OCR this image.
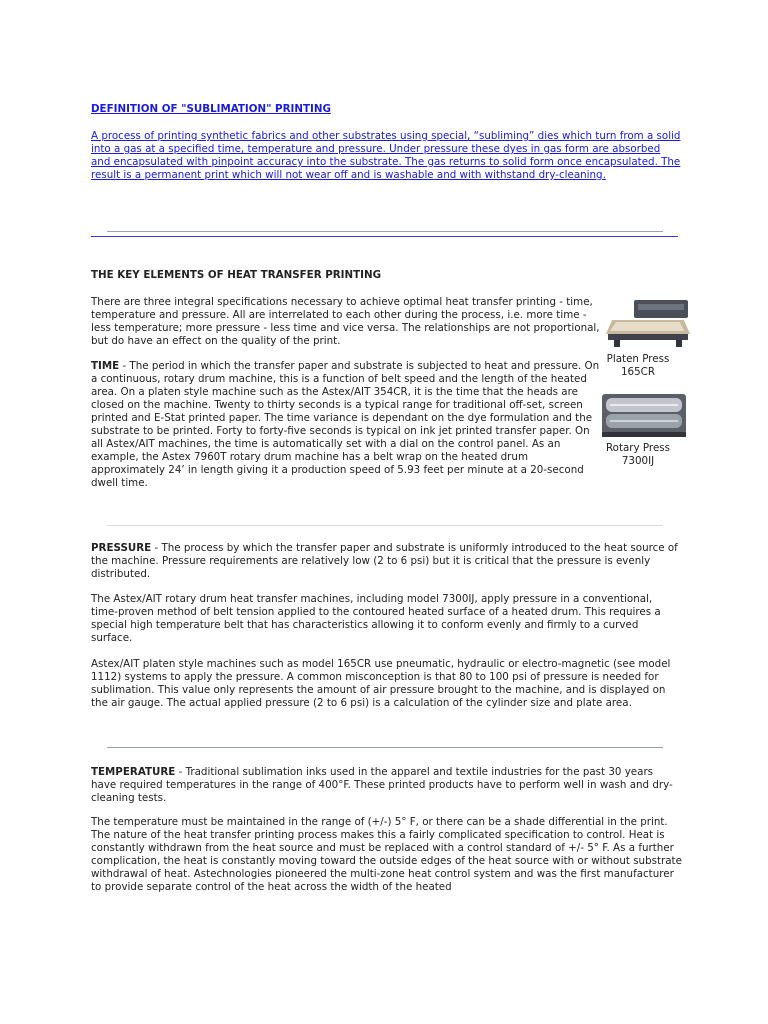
DEFINITION OF "SUBLIMATION" PRINTING

A process of printing synthetic fabrics and other substrates using special, “subliming” dies which turn from a solid into a gas at a specified time, temperature and pressure. Under pressure these dyes in gas form are absorbed and encapsulated with pinpoint accuracy into the substrate. The gas returns to solid form once encapsulated. The result is a permanent print which will not wear off and is washable and with withstand dry-cleaning.

THE KEY ELEMENTS OF HEAT TRANSFER PRINTING

There are three integral specifications necessary to achieve optimal heat transfer printing - time, temperature and pressure. All are interrelated to each other during the process, i.e. more time - less temperature; more pressure - less time and vice versa. The relationships are not proportional, but do have an effect on the quality of the print.

TIME - The period in which the transfer paper and substrate is subjected to heat and pressure. On a continuous, rotary drum machine, this is a function of belt speed and the length of the heated area. On a platen style machine such as the Astex/AIT 354CR, it is the time that the heads are closed on the machine. Twenty to thirty seconds is a typical range for traditional off-set, screen printed and E-Stat printed paper. The time variance is dependant on the dye formulation and the substrate to be printed. Forty to forty-five seconds is typical on ink jet printed transfer paper. On all Astex/AIT machines, the time is automatically set with a dial on the control panel. As an example, the Astex 7960T rotary drum machine has a belt wrap on the heated drum approximately 24’ in length giving it a production speed of 5.93 feet per minute at a 20-second dwell time.

Platen Press
165CR
Rotary Press
7300IJ

PRESSURE - The process by which the transfer paper and substrate is uniformly introduced to the heat source of the machine. Pressure requirements are relatively low (2 to 6 psi) but it is critical that the pressure is evenly distributed.

The Astex/AIT rotary drum heat transfer machines, including model 7300IJ, apply pressure in a conventional, time-proven method of belt tension applied to the contoured heated surface of a heated drum. This requires a special high temperature belt that has characteristics allowing it to conform evenly and firmly to a curved surface.

Astex/AIT platen style machines such as model 165CR use pneumatic, hydraulic or electro-magnetic (see model 1112) systems to apply the pressure. A common misconception is that 80 to 100 psi of pressure is needed for sublimation. This value only represents the amount of air pressure brought to the machine, and is displayed on the air gauge. The actual applied pressure (2 to 6 psi) is a calculation of the cylinder size and plate area.

TEMPERATURE - Traditional sublimation inks used in the apparel and textile industries for the past 30 years have required temperatures in the range of 400°F. These printed products have to perform well in wash and dry-cleaning tests.

The temperature must be maintained in the range of (+/-) 5° F, or there can be a shade differential in the print. The nature of the heat transfer printing process makes this a fairly complicated specification to control. Heat is constantly withdrawn from the heat source and must be replaced with a control standard of +/- 5° F. As a further complication, the heat is constantly moving toward the outside edges of the heat source with or without substrate withdrawal of heat. Astechnologies pioneered the multi-zone heat control system and was the first manufacturer to provide separate control of the heat across the width of the heated
